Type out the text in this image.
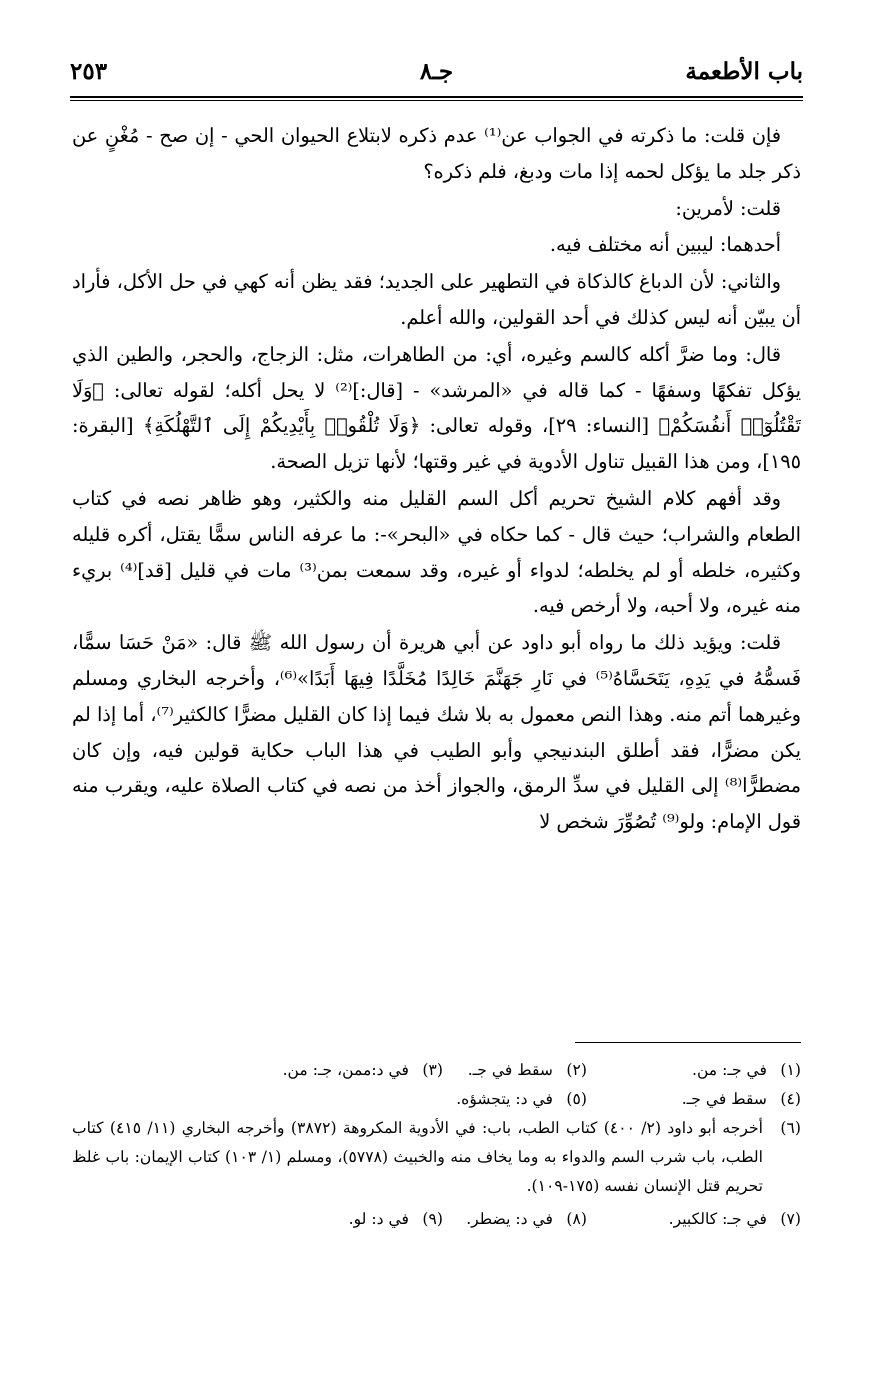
باب الأطعمة
جـ٨
٢٥٣

فإن قلت: ما ذكرته في الجواب عن⁽¹⁾ عدم ذكره لابتلاع الحيوان الحي - إن صح - مُغْنٍ عن ذكر جلد ما يؤكل لحمه إذا مات ودبغ، فلم ذكره؟

قلت: لأمرين:

أحدهما: ليبين أنه مختلف فيه.

والثاني: لأن الدباغ كالذكاة في التطهير على الجديد؛ فقد يظن أنه كهي في حل الأكل، فأراد أن يبيّن أنه ليس كذلك في أحد القولين، والله أعلم.

قال: وما ضرَّ أكله كالسم وغيره، أي: من الطاهرات، مثل: الزجاج، والحجر، والطين الذي يؤكل تفكهًا وسفهًا - كما قاله في «المرشد» - [قال:]⁽²⁾ لا يحل أكله؛ لقوله تعالى: ﴿وَلَا تَقْتُلُوٓا۟ أَنفُسَكُمْ﴾ [النساء: ٢٩]، وقوله تعالى: ﴿وَلَا تُلْقُوا۟ بِأَيْدِيكُمْ إِلَى ٱلتَّهْلُكَةِ﴾ [البقرة: ١٩٥]، ومن هذا القبيل تناول الأدوية في غير وقتها؛ لأنها تزيل الصحة.

وقد أفهم كلام الشيخ تحريم أكل السم القليل منه والكثير، وهو ظاهر نصه في كتاب الطعام والشراب؛ حيث قال - كما حكاه في «البحر»-: ما عرفه الناس سمًّا يقتل، أكره قليله وكثيره، خلطه أو لم يخلطه؛ لدواء أو غيره، وقد سمعت بمن⁽³⁾ مات في قليل [قد]⁽⁴⁾ بريء منه غيره، ولا أحبه، ولا أرخص فيه.

قلت: ويؤيد ذلك ما رواه أبو داود عن أبي هريرة أن رسول الله ﷺ قال: «مَنْ حَسَا سمًّا، فَسمُّهُ في يَدِهِ، يَتَحَسَّاهُ⁽⁵⁾ في نَارِ جَهَنَّمَ خَالِدًا مُخَلَّدًا فِيهَا أَبَدًا»⁽⁶⁾، وأخرجه البخاري ومسلم وغيرهما أتم منه. وهذا النص معمول به بلا شك فيما إذا كان القليل مضرًّا كالكثير⁽⁷⁾، أما إذا لم يكن مضرًّا، فقد أطلق البندنيجي وأبو الطيب في هذا الباب حكاية قولين فيه، وإن كان مضطرًّا⁽⁸⁾ إلى القليل في سدِّ الرمق، والجواز أخذ من نصه في كتاب الصلاة عليه، ويقرب منه قول الإمام: ولو⁽⁹⁾ تُصُوِّرَ شخص لا

(١)
في جـ: من.
(٢)
سقط في جـ.
(٣)
في د:ممن، جـ: من.
(٤)
سقط في جـ.
(٥)
في د: يتجشؤه.
(٦)
أخرجه أبو داود (٢/ ٤٠٠) كتاب الطب، باب: في الأدوية المكروهة (٣٨٧٢) وأخرجه البخاري (١١/ ٤١٥) كتاب الطب، باب شرب السم والدواء به وما يخاف منه والخبيث (٥٧٧٨)، ومسلم (١/ ١٠٣) كتاب الإيمان: باب غلظ تحريم قتل الإنسان نفسه (١٧٥-١٠٩).
(٧)
في جـ: كالكبير.
(٨)
في د: يضطر.
(٩)
في د: لو.
